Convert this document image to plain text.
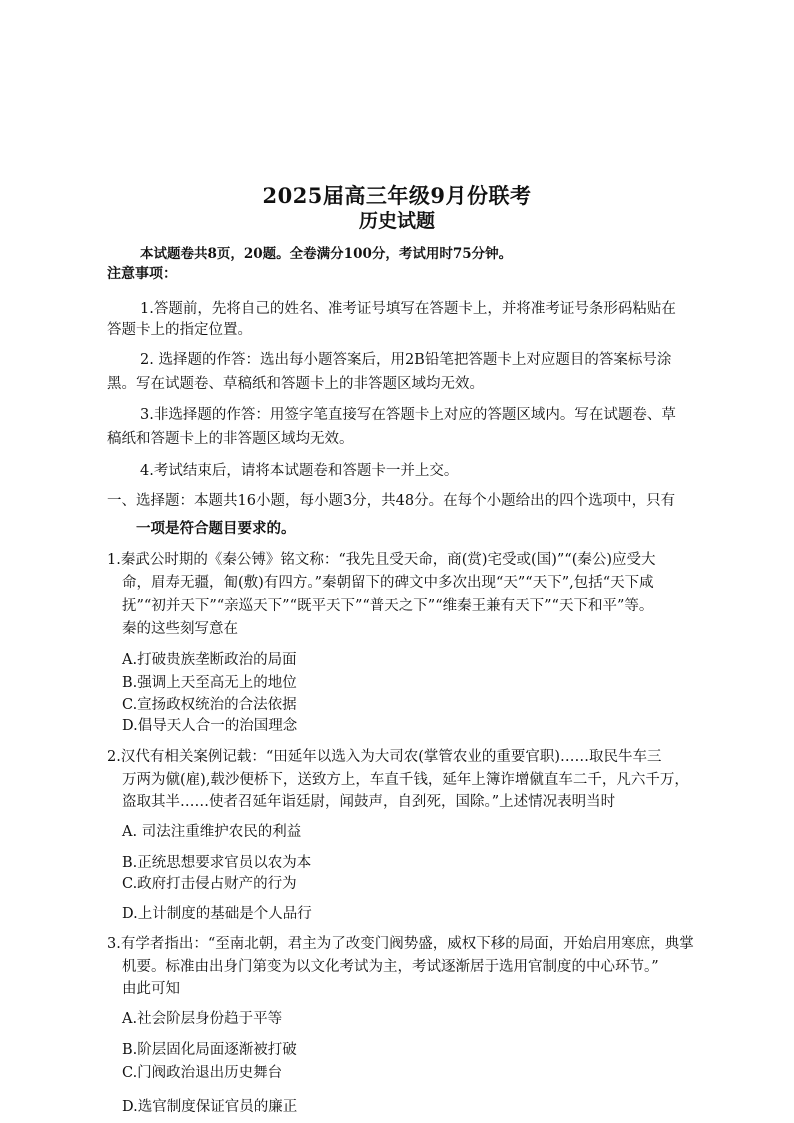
2025届高三年级9月份联考
历史试题
本试题卷共8页，20题。全卷满分100分，考试用时75分钟。
注意事项：
1.答题前，先将自己的姓名、准考证号填写在答题卡上，并将准考证号条形码粘贴在
答题卡上的指定位置。
2. 选择题的作答：选出每小题答案后，用2B铅笔把答题卡上对应题目的答案标号涂
黑。写在试题卷、草稿纸和答题卡上的非答题区域均无效。
3.非选择题的作答：用签字笔直接写在答题卡上对应的答题区域内。写在试题卷、草
稿纸和答题卡上的非答题区域均无效。
4.考试结束后，请将本试题卷和答题卡一并上交。
一、选择题：本题共16小题，每小题3分，共48分。在每个小题给出的四个选项中，只有
一项是符合题目要求的。
1.秦武公时期的《秦公镈》铭文称：“我先且受天命，商(赏)宅受或(国)”“(秦公)应受大
命，眉寿无疆，匍(敷)有四方。”秦朝留下的碑文中多次出现“天”“天下”,包括“天下咸
抚”“初并天下”“亲巡天下”“既平天下”“普天之下”“维秦王兼有天下”“天下和平”等。
秦的这些刻写意在
A.打破贵族垄断政治的局面
B.强调上天至高无上的地位
C.宣扬政权统治的合法依据
D.倡导天人合一的治国理念
2.汉代有相关案例记载：“田延年以选入为大司农(掌管农业的重要官职)……取民牛车三
万两为僦(雇),载沙便桥下，送致方上，车直千钱，延年上簿诈增僦直车二千，凡六千万，
盗取其半……使者召延年诣廷尉，闻鼓声，自刭死，国除。”上述情况表明当时
A. 司法注重维护农民的利益
B.正统思想要求官员以农为本
C.政府打击侵占财产的行为
D.上计制度的基础是个人品行
3.有学者指出：“至南北朝，君主为了改变门阀势盛，威权下移的局面，开始启用寒庶，典掌
机要。标准由出身门第变为以文化考试为主，考试逐渐居于选用官制度的中心环节。”
由此可知
A.社会阶层身份趋于平等
B.阶层固化局面逐渐被打破
C.门阀政治退出历史舞台
D.选官制度保证官员的廉正
